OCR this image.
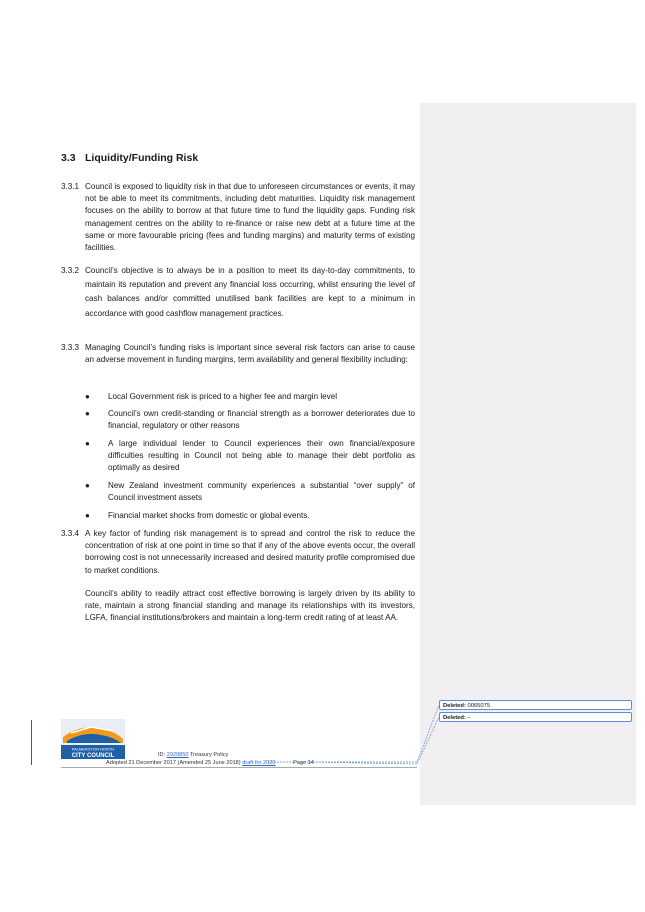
3.3 Liquidity/Funding Risk
3.3.1 Council is exposed to liquidity risk in that due to unforeseen circumstances or events, it may not be able to meet its commitments, including debt maturities. Liquidity risk management focuses on the ability to borrow at that future time to fund the liquidity gaps. Funding risk management centres on the ability to re-finance or raise new debt at a future time at the same or more favourable pricing (fees and funding margins) and maturity terms of existing facilities.
3.3.2 Council’s objective is to always be in a position to meet its day-to-day commitments, to maintain its reputation and prevent any financial loss occurring, whilst ensuring the level of cash balances and/or committed unutilised bank facilities are kept to a minimum in accordance with good cashflow management practices.
3.3.3 Managing Council’s funding risks is important since several risk factors can arise to cause an adverse movement in funding margins, term availability and general flexibility including:
● Local Government risk is priced to a higher fee and margin level
● Council’s own credit-standing or financial strength as a borrower deteriorates due to financial, regulatory or other reasons
● A large individual lender to Council experiences their own financial/exposure difficulties resulting in Council not being able to manage their debt portfolio as optimally as desired
● New Zealand investment community experiences a substantial “over supply” of Council investment assets
● Financial market shocks from domestic or global events.
3.3.4 A key factor of funding risk management is to spread and control the risk to reduce the concentration of risk at one point in time so that if any of the above events occur, the overall borrowing cost is not unnecessarily increased and desired maturity profile compromised due to market conditions.
Council’s ability to readily attract cost effective borrowing is largely driven by its ability to rate, maintain a strong financial standing and manage its relationships with its investors, LGFA, financial institutions/brokers and maintain a long-term credit rating of at least AA.
PALMERSTON NORTH
CITY COUNCIL	ID: 2929850 Treasury Policy
Adopted 21 December 2017 (Amended 25 June 2018) draft for 2020	Page 14
Deleted: 0065075
Deleted: –
